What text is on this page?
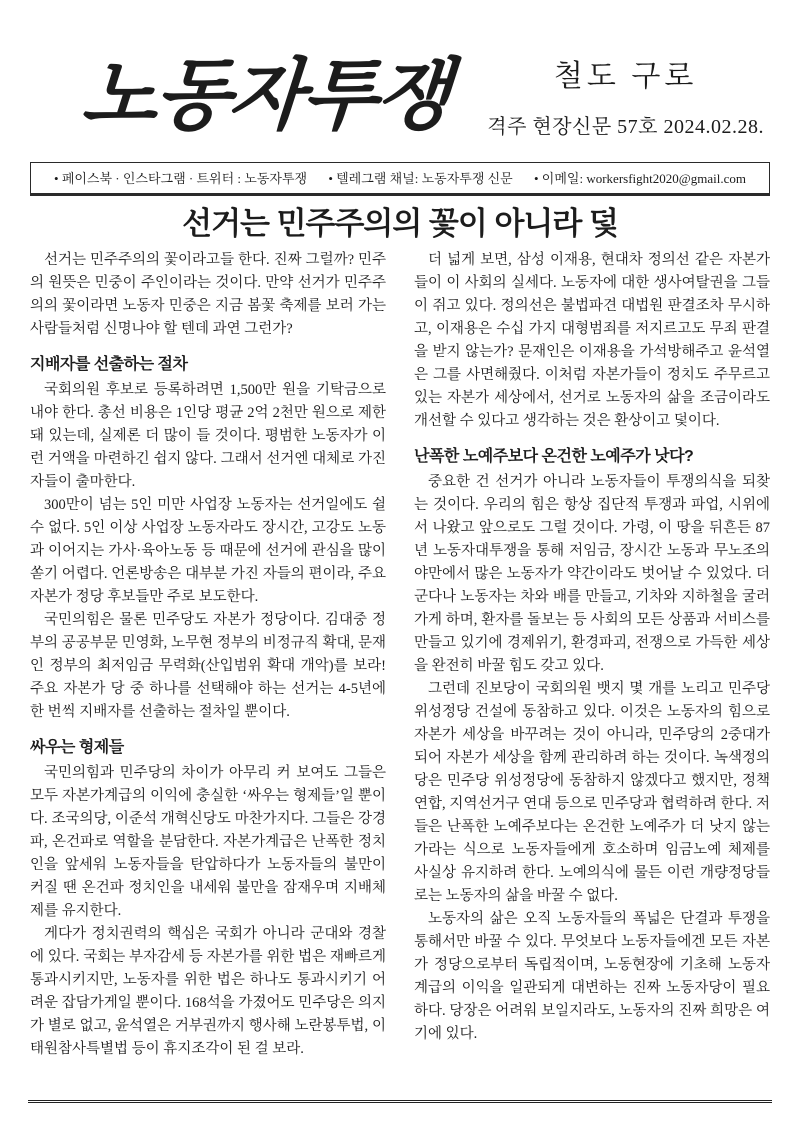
노동자투쟁	철도 구로
격주 현장신문 57호 2024.02.28.
• 페이스북 · 인스타그램 · 트위터 : 노동자투쟁 • 텔레그램 채널: 노동자투쟁 신문 • 이메일: workersfight2020@gmail.com
선거는 민주주의의 꽃이 아니라 덫

선거는 민주주의의 꽃이라고들 한다. 진짜 그럴까? 민주의 원뜻은 민중이 주인이라는 것이다. 만약 선거가 민주주의의 꽃이라면 노동자 민중은 지금 봄꽃 축제를 보러 가는 사람들처럼 신명나야 할 텐데 과연 그런가?

지배자를 선출하는 절차

국회의원 후보로 등록하려면 1,500만 원을 기탁금으로 내야 한다. 총선 비용은 1인당 평균 2억 2천만 원으로 제한돼 있는데, 실제론 더 많이 들 것이다. 평범한 노동자가 이런 거액을 마련하긴 쉽지 않다. 그래서 선거엔 대체로 가진 자들이 출마한다.

300만이 넘는 5인 미만 사업장 노동자는 선거일에도 쉴 수 없다. 5인 이상 사업장 노동자라도 장시간, 고강도 노동과 이어지는 가사·육아노동 등 때문에 선거에 관심을 많이 쏟기 어렵다. 언론방송은 대부분 가진 자들의 편이라, 주요 자본가 정당 후보들만 주로 보도한다.

국민의힘은 물론 민주당도 자본가 정당이다. 김대중 정부의 공공부문 민영화, 노무현 정부의 비정규직 확대, 문재인 정부의 최저임금 무력화(산입범위 확대 개악)를 보라! 주요 자본가 당 중 하나를 선택해야 하는 선거는 4-5년에 한 번씩 지배자를 선출하는 절차일 뿐이다.

싸우는 형제들

국민의힘과 민주당의 차이가 아무리 커 보여도 그들은 모두 자본가계급의 이익에 충실한 ‘싸우는 형제들’일 뿐이다. 조국의당, 이준석 개혁신당도 마찬가지다. 그들은 강경파, 온건파로 역할을 분담한다. 자본가계급은 난폭한 정치인을 앞세워 노동자들을 탄압하다가 노동자들의 불만이 커질 땐 온건파 정치인을 내세워 불만을 잠재우며 지배체제를 유지한다.

게다가 정치권력의 핵심은 국회가 아니라 군대와 경찰에 있다. 국회는 부자감세 등 자본가를 위한 법은 재빠르게 통과시키지만, 노동자를 위한 법은 하나도 통과시키기 어려운 잡담가게일 뿐이다. 168석을 가졌어도 민주당은 의지가 별로 없고, 윤석열은 거부권까지 행사해 노란봉투법, 이태원참사특별법 등이 휴지조각이 된 걸 보라.

더 넓게 보면, 삼성 이재용, 현대차 정의선 같은 자본가들이 이 사회의 실세다. 노동자에 대한 생사여탈권을 그들이 쥐고 있다. 정의선은 불법파견 대법원 판결조차 무시하고, 이재용은 수십 가지 대형범죄를 저지르고도 무죄 판결을 받지 않는가? 문재인은 이재용을 가석방해주고 윤석열은 그를 사면해줬다. 이처럼 자본가들이 정치도 주무르고 있는 자본가 세상에서, 선거로 노동자의 삶을 조금이라도 개선할 수 있다고 생각하는 것은 환상이고 덫이다.

난폭한 노예주보다 온건한 노예주가 낫다?

중요한 건 선거가 아니라 노동자들이 투쟁의식을 되찾는 것이다. 우리의 힘은 항상 집단적 투쟁과 파업, 시위에서 나왔고 앞으로도 그럴 것이다. 가령, 이 땅을 뒤흔든 87년 노동자대투쟁을 통해 저임금, 장시간 노동과 무노조의 야만에서 많은 노동자가 약간이라도 벗어날 수 있었다. 더군다나 노동자는 차와 배를 만들고, 기차와 지하철을 굴러가게 하며, 환자를 돌보는 등 사회의 모든 상품과 서비스를 만들고 있기에 경제위기, 환경파괴, 전쟁으로 가득한 세상을 완전히 바꿀 힘도 갖고 있다.

그런데 진보당이 국회의원 뱃지 몇 개를 노리고 민주당 위성정당 건설에 동참하고 있다. 이것은 노동자의 힘으로 자본가 세상을 바꾸려는 것이 아니라, 민주당의 2중대가 되어 자본가 세상을 함께 관리하려 하는 것이다. 녹색정의당은 민주당 위성정당에 동참하지 않겠다고 했지만, 정책연합, 지역선거구 연대 등으로 민주당과 협력하려 한다. 저들은 난폭한 노예주보다는 온건한 노예주가 더 낫지 않는가라는 식으로 노동자들에게 호소하며 임금노예 체제를 사실상 유지하려 한다. 노예의식에 물든 이런 개량정당들로는 노동자의 삶을 바꿀 수 없다.

노동자의 삶은 오직 노동자들의 폭넓은 단결과 투쟁을 통해서만 바꿀 수 있다. 무엇보다 노동자들에겐 모든 자본가 정당으로부터 독립적이며, 노동현장에 기초해 노동자계급의 이익을 일관되게 대변하는 진짜 노동자당이 필요하다. 당장은 어려워 보일지라도, 노동자의 진짜 희망은 여기에 있다.
